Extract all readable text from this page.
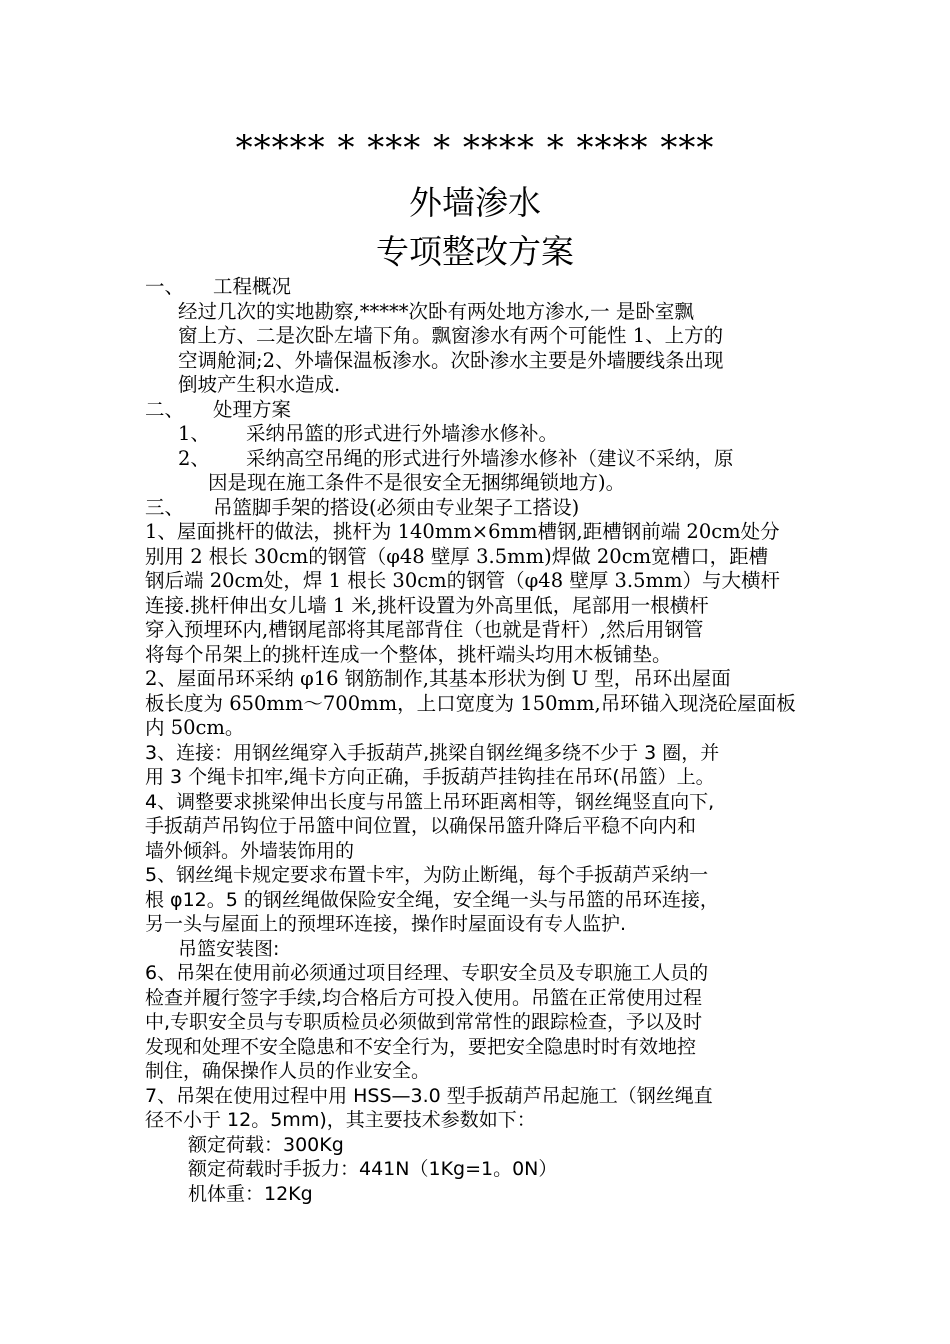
***** * *** * **** * **** ***
外墙渗水
专项整改方案
一、 工程概况
经过几次的实地勘察,*****次卧有两处地方渗水,一 是卧室飘
窗上方、二是次卧左墙下角。飘窗渗水有两个可能性 1、上方的
空调舱洞;2、外墙保温板渗水。次卧渗水主要是外墙腰线条出现
倒坡产生积水造成.
二、 处理方案
1、 采纳吊篮的形式进行外墙渗水修补。
2、 采纳高空吊绳的形式进行外墙渗水修补（建议不采纳，原
因是现在施工条件不是很安全无捆绑绳锁地方)。
三、 吊篮脚手架的搭设(必须由专业架子工搭设)
1、屋面挑杆的做法，挑杆为 140mm×6mm槽钢,距槽钢前端 20cm处分
别用 2 根长 30cm的钢管（φ48 壁厚 3.5mm)焊做 20cm宽槽口，距槽
钢后端 20cm处，焊 1 根长 30cm的钢管（φ48 壁厚 3.5mm）与大横杆
连接.挑杆伸出女儿墙 1 米,挑杆设置为外高里低，尾部用一根横杆
穿入预埋环内,槽钢尾部将其尾部背住（也就是背杆）,然后用钢管
将每个吊架上的挑杆连成一个整体，挑杆端头均用木板铺垫。
2、屋面吊环采纳 φ16 钢筋制作,其基本形状为倒 U 型，吊环出屋面
板长度为 650mm～700mm，上口宽度为 150mm,吊环锚入现浇砼屋面板
内 50cm。
3、连接：用钢丝绳穿入手扳葫芦,挑梁自钢丝绳多绕不少于 3 圈，并
用 3 个绳卡扣牢,绳卡方向正确，手扳葫芦挂钩挂在吊环(吊篮）上。
4、调整要求挑梁伸出长度与吊篮上吊环距离相等，钢丝绳竖直向下,
手扳葫芦吊钩位于吊篮中间位置，以确保吊篮升降后平稳不向内和
墙外倾斜。外墙装饰用的
5、钢丝绳卡规定要求布置卡牢，为防止断绳，每个手扳葫芦采纳一
根 φ12。5 的钢丝绳做保险安全绳，安全绳一头与吊篮的吊环连接，
另一头与屋面上的预埋环连接，操作时屋面设有专人监护.
吊篮安装图:
6、吊架在使用前必须通过项目经理、专职安全员及专职施工人员的
检查并履行签字手续,均合格后方可投入使用。吊篮在正常使用过程
中,专职安全员与专职质检员必须做到常常性的跟踪检查，予以及时
发现和处理不安全隐患和不安全行为，要把安全隐患时时有效地控
制住，确保操作人员的作业安全。
7、吊架在使用过程中用 HSS—3.0 型手扳葫芦吊起施工（钢丝绳直
径不小于 12。5mm)，其主要技术参数如下：
额定荷载：300Kg
额定荷载时手扳力：441N（1Kg=1。0N）
机体重：12Kg
